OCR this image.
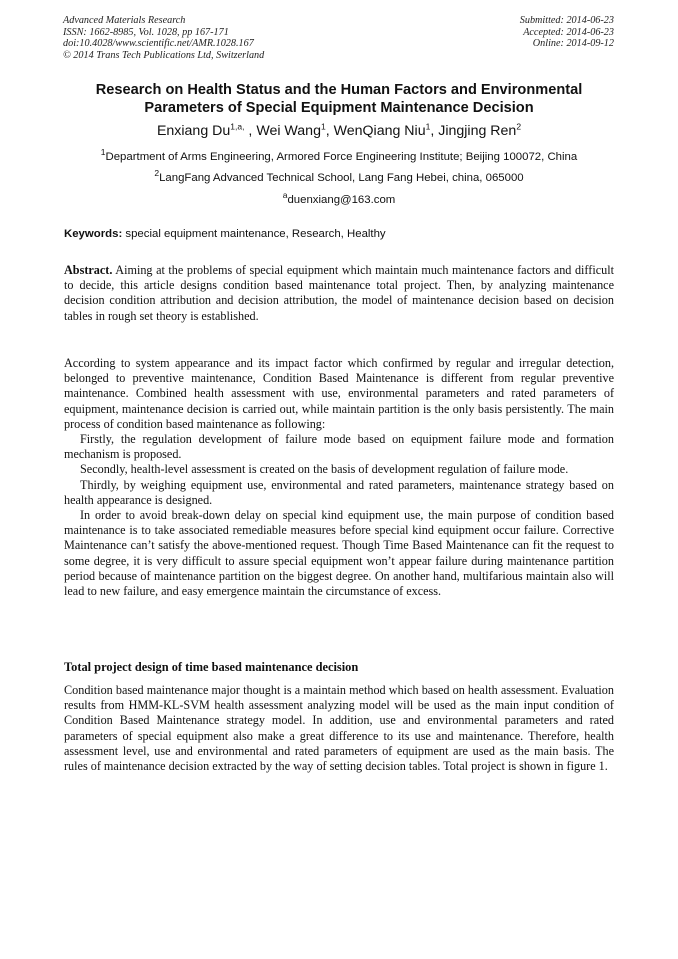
Advanced Materials Research
ISSN: 1662-8985, Vol. 1028, pp 167-171
doi:10.4028/www.scientific.net/AMR.1028.167
© 2014 Trans Tech Publications Ltd, Switzerland
Submitted: 2014-06-23
Accepted: 2014-06-23
Online: 2014-09-12
Research on Health Status and the Human Factors and Environmental
Parameters of Special Equipment Maintenance Decision
Enxiang $Du^{1,a,}$ , Wei Wang$^1$, WenQiang Niu$^1$, Jingjing Ren$^2$
$^1$Department of Arms Engineering, Armored Force Engineering Institute; Beijing 100072, China
$^2$LangFang Advanced Technical School, Lang Fang Hebei, china, 065000
$^a$duenxiang@163.com
Keywords: special equipment maintenance, Research, Healthy

Abstract. Aiming at the problems of special equipment which maintain much maintenance factors and difficult to decide, this article designs condition based maintenance total project. Then, by analyzing maintenance decision condition attribution and decision attribution, the model of maintenance decision based on decision tables in rough set theory is established.

According to system appearance and its impact factor which confirmed by regular and irregular detection, belonged to preventive maintenance, Condition Based Maintenance is different from regular preventive maintenance. Combined health assessment with use, environmental parameters and rated parameters of equipment, maintenance decision is carried out, while maintain partition is the only basis persistently. The main process of condition based maintenance as following:

Firstly, the regulation development of failure mode based on equipment failure mode and formation mechanism is proposed.

Secondly, health-level assessment is created on the basis of development regulation of failure mode.

Thirdly, by weighing equipment use, environmental and rated parameters, maintenance strategy based on health appearance is designed.

In order to avoid break-down delay on special kind equipment use, the main purpose of condition based maintenance is to take associated remediable measures before special kind equipment occur failure. Corrective Maintenance can’t satisfy the above-mentioned request. Though Time Based Maintenance can fit the request to some degree, it is very difficult to assure special equipment won’t appear failure during maintenance partition period because of maintenance partition on the biggest degree. On another hand, multifarious maintain also will lead to new failure, and easy emergence maintain the circumstance of excess.

Total project design of time based maintenance decision

Condition based maintenance major thought is a maintain method which based on health assessment. Evaluation results from HMM-KL-SVM health assessment analyzing model will be used as the main input condition of Condition Based Maintenance strategy model. In addition, use and environmental parameters and rated parameters of special equipment also make a great difference to its use and maintenance. Therefore, health assessment level, use and environmental and rated parameters of equipment are used as the main basis. The rules of maintenance decision extracted by the way of setting decision tables. Total project is shown in figure 1.
